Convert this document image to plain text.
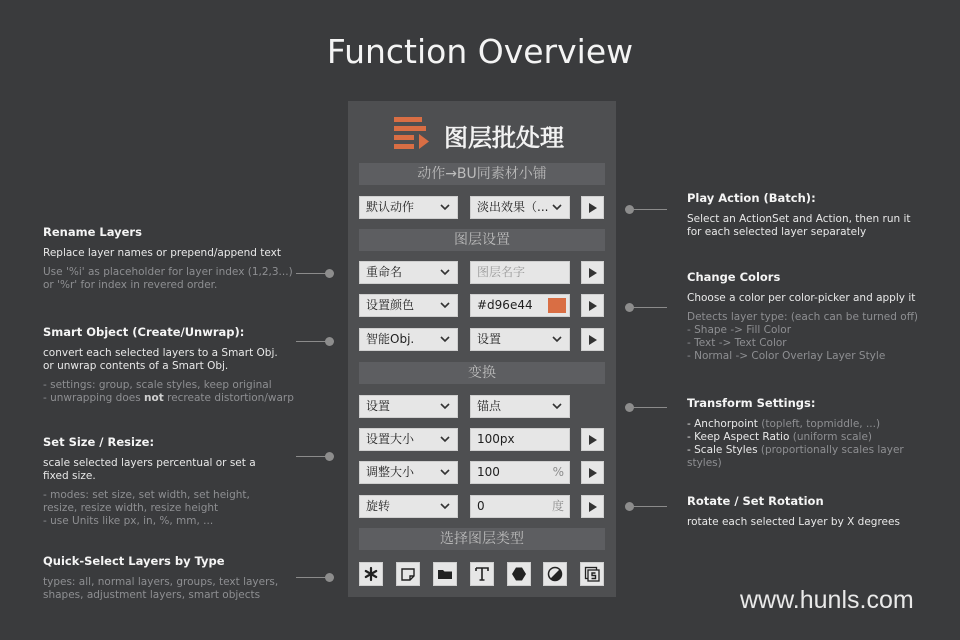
Function Overview
Rename Layers
Replace layer names or prepend/append text
Use '%i' as placeholder for layer index (1,2,3...)
or '%r' for index in revered order.
Smart Object (Create/Unwrap):
convert each selected layers to a Smart Obj.
or unwrap contents of a Smart Obj.
- settings: group, scale styles, keep original
- unwrapping does not recreate distortion/warp
Set Size / Resize:
scale selected layers percentual or set a
fixed size.
- modes: set size, set width, set height,
resize, resize width, resize height
- use Units like px, in, %, mm, ...
Quick-Select Layers by Type
types: all, normal layers, groups, text layers,
shapes, adjustment layers, smart objects
Play Action (Batch):
Select an ActionSet and Action, then run it
for each selected layer separately
Change Colors
Choose a color per color-picker and apply it
Detects layer type: (each can be turned off)
- Shape -> Fill Color
- Text -> Text Color
- Normal -> Color Overlay Layer Style
Transform Settings:
- Anchorpoint (topleft, topmiddle, ...)
- Keep Aspect Ratio (uniform scale)
- Scale Styles (proportionally scales layer styles)
Rotate / Set Rotation
rotate each selected Layer by X degrees
图层批处理
动作→BU同素材小铺
默认动作	淡出效果（...
图层设置
重命名	图层名字
设置颜色	#d96e44
智能Obj.	设置
变换
设置	锚点
设置大小	100px
调整大小	100	%
旋转	0	度
选择图层类型
www.hunls.com
